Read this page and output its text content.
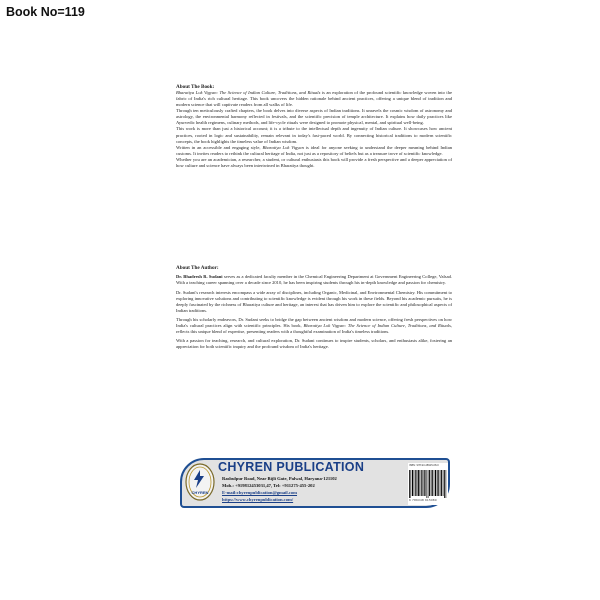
Book No=119

About The Book:

Bharatiya Lok Vigyan: The Science of Indian Culture, Traditions, and Rituals is an exploration of the profound scientific knowledge woven into the fabric of India's rich cultural heritage. This book uncovers the hidden rationale behind ancient practices, offering a unique blend of tradition and modern science that will captivate readers from all walks of life.

Through ten meticulously crafted chapters, the book delves into diverse aspects of Indian traditions. It unravels the cosmic wisdom of astronomy and astrology, the environmental harmony reflected in festivals, and the scientific precision of temple architecture. It explains how daily practices like Ayurvedic health regimens, culinary methods, and life-cycle rituals were designed to promote physical, mental, and spiritual well-being.

This work is more than just a historical account; it is a tribute to the intellectual depth and ingenuity of Indian culture. It showcases how ancient practices, rooted in logic and sustainability, remain relevant in today's fast-paced world. By connecting historical traditions to modern scientific concepts, the book highlights the timeless value of Indian wisdom.

Written in an accessible and engaging style, Bharatiya Lok Vigyan is ideal for anyone seeking to understand the deeper meaning behind Indian customs. It invites readers to rethink the cultural heritage of India, not just as a repository of beliefs but as a treasure trove of scientific knowledge.

Whether you are an academician, a researcher, a student, or cultural enthusiasts this book will provide a fresh perspective and a deeper appreciation of how culture and science have always been intertwined in Bharatiya thought.

About The Author:

Dr. Bhadresh R. Sudani serves as a dedicated faculty member in the Chemical Engineering Department at Government Engineering College, Valsad. With a teaching career spanning over a decade since 2010, he has been inspiring students through his in-depth knowledge and passion for chemistry.

Dr. Sudani's research interests encompass a wide array of disciplines, including Organic, Medicinal, and Environmental Chemistry. His commitment to exploring innovative solutions and contributing to scientific knowledge is evident through his work in these fields. Beyond his academic pursuits, he is deeply fascinated by the richness of Bharatiya culture and heritage, an interest that has driven him to explore the scientific and philosophical aspects of Indian traditions.

Through his scholarly endeavors, Dr. Sudani seeks to bridge the gap between ancient wisdom and modern science, offering fresh perspectives on how India's cultural practices align with scientific principles. His book, Bharatiya Lok Vigyan: The Science of Indian Culture, Traditions, and Rituals, reflects this unique blend of expertise, presenting readers with a thoughtful examination of India's timeless traditions.

With a passion for teaching, research, and cultural exploration, Dr. Sudani continues to inspire students, scholars, and enthusiasts alike, fostering an appreciation for both scientific inquiry and the profound wisdom of India's heritage.

CHYREN
CHYREN PUBLICATION
Rasbulpur Road, Near Bijli Gate, Palwal, Haryana-121102
Mob.: +919812453031,47, Tel: +911275-455-202
E-mail:chyrenpublication@gmail.com
https://www.chyrenpublication.com/
ISBN: 978-93-48915-08-0
9 789348 915080
